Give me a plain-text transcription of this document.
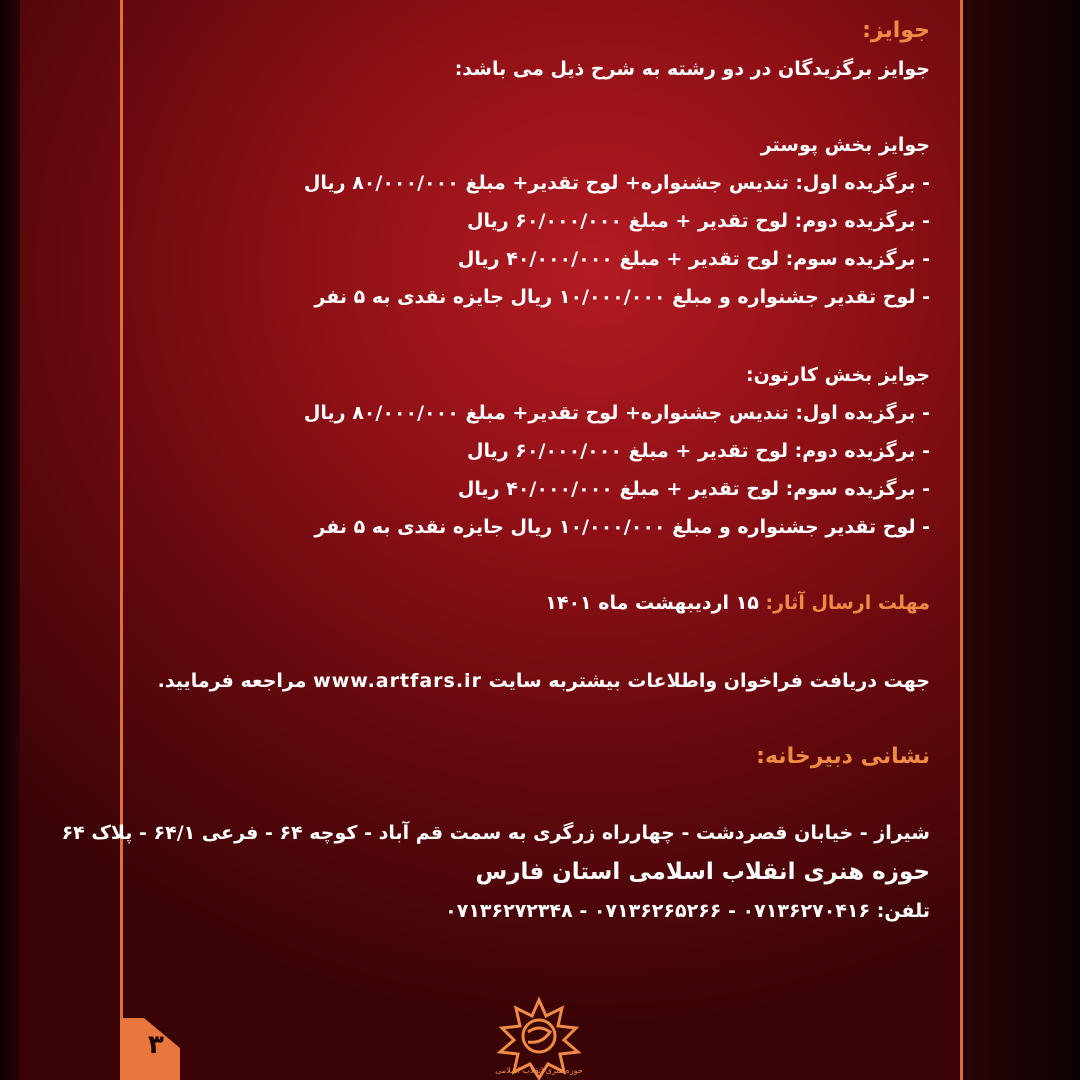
۳
جوایز:
جوایز برگزیدگان در دو رشته به شرح ذیل می باشد:
جوایز بخش پوستر
- برگزیده اول: تندیس جشنواره+ لوح تقدیر+ مبلغ ۸۰/۰۰۰/۰۰۰ ریال
- برگزیده دوم: لوح تقدیر + مبلغ ۶۰/۰۰۰/۰۰۰ ریال
- برگزیده سوم: لوح تقدیر + مبلغ ۴۰/۰۰۰/۰۰۰ ریال
- لوح تقدیر جشنواره و مبلغ ۱۰/۰۰۰/۰۰۰ ریال جایزه نقدی به ۵ نفر
جوایز بخش کارتون:
- برگزیده اول: تندیس جشنواره+ لوح تقدیر+ مبلغ ۸۰/۰۰۰/۰۰۰ ریال
- برگزیده دوم: لوح تقدیر + مبلغ ۶۰/۰۰۰/۰۰۰ ریال
- برگزیده سوم: لوح تقدیر + مبلغ ۴۰/۰۰۰/۰۰۰ ریال
- لوح تقدیر جشنواره و مبلغ ۱۰/۰۰۰/۰۰۰ ریال جایزه نقدی به ۵ نفر
مهلت ارسال آثار: ۱۵ اردیبهشت ماه ۱۴۰۱
جهت دریافت فراخوان واطلاعات بیشتربه سایت www.artfars.ir مراجعه فرمایید.
نشانی دبیرخانه:
شیراز - خیابان قصردشت - چهارراه زرگری به سمت قم آباد - کوچه ۶۴ - فرعی ۶۴/۱ - پلاک ۶۴
حوزه هنری انقلاب اسلامی استان فارس
تلفن: ۰۷۱۳۶۲۷۰۴۱۶ - ۰۷۱۳۶۲۶۵۲۶۶ - ۰۷۱۳۶۲۷۲۳۴۸
حوزه هنری انقلاب اسلامی
